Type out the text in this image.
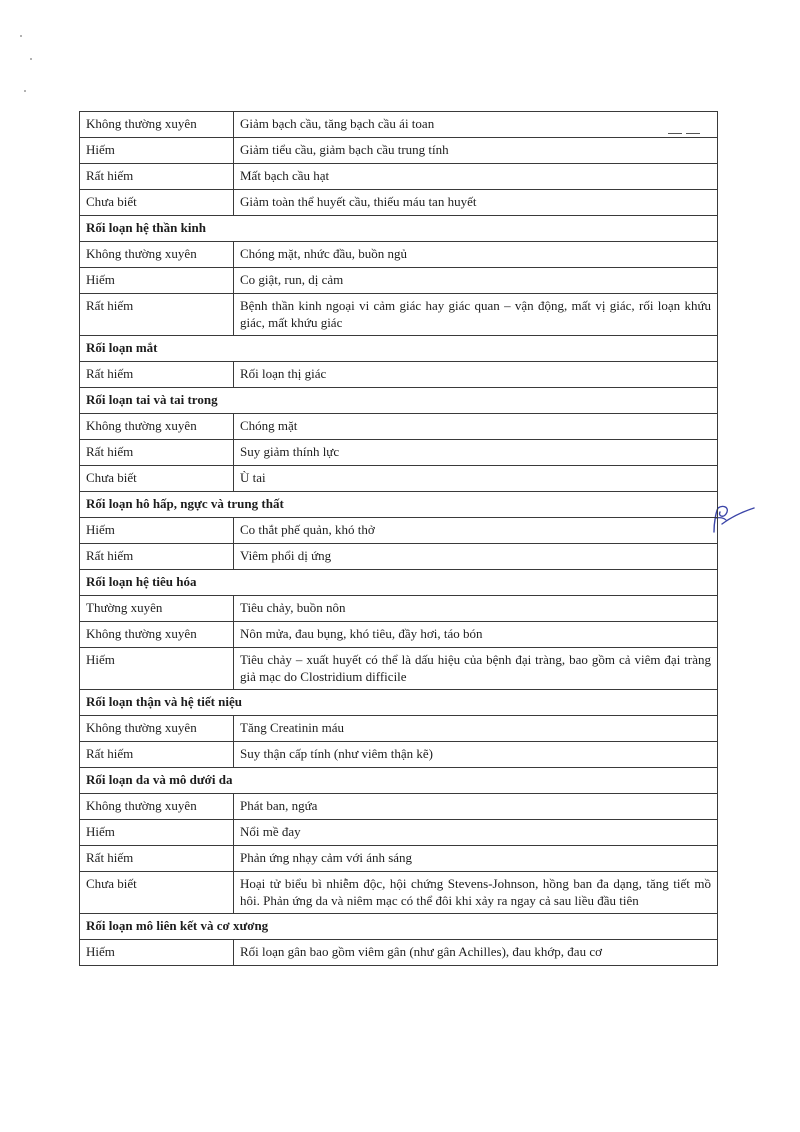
Không thường xuyên	Giảm bạch cầu, tăng bạch cầu ái toan
Hiếm	Giảm tiểu cầu, giảm bạch cầu trung tính
Rất hiếm	Mất bạch cầu hạt
Chưa biết	Giảm toàn thể huyết cầu, thiếu máu tan huyết
Rối loạn hệ thần kinh	
Không thường xuyên	Chóng mặt, nhức đầu, buồn ngủ
Hiếm	Co giật, run, dị cảm
Rất hiếm	Bệnh thần kinh ngoại vi cảm giác hay giác quan – vận động, mất vị giác, rối loạn khứu giác, mất khứu giác
Rối loạn mắt	
Rất hiếm	Rối loạn thị giác
Rối loạn tai và tai trong	
Không thường xuyên	Chóng mặt
Rất hiếm	Suy giảm thính lực
Chưa biết	Ù tai
Rối loạn hô hấp, ngực và trung thất	
Hiếm	Co thắt phế quản, khó thở
Rất hiếm	Viêm phổi dị ứng
Rối loạn hệ tiêu hóa	
Thường xuyên	Tiêu chảy, buồn nôn
Không thường xuyên	Nôn mửa, đau bụng, khó tiêu, đầy hơi, táo bón
Hiếm	Tiêu chảy – xuất huyết có thể là dấu hiệu của bệnh đại tràng, bao gồm cả viêm đại tràng giả mạc do Clostridium difficile
Rối loạn thận và hệ tiết niệu	
Không thường xuyên	Tăng Creatinin máu
Rất hiếm	Suy thận cấp tính (như viêm thận kẽ)
Rối loạn da và mô dưới da	
Không thường xuyên	Phát ban, ngứa
Hiếm	Nổi mề đay
Rất hiếm	Phản ứng nhạy cảm với ánh sáng
Chưa biết	Hoại tử biểu bì nhiễm độc, hội chứng Stevens-Johnson, hồng ban đa dạng, tăng tiết mồ hôi. Phản ứng da và niêm mạc có thể đôi khi xảy ra ngay cả sau liều đầu tiên
Rối loạn mô liên kết và cơ xương	
Hiếm	Rối loạn gân bao gồm viêm gân (như gân Achilles), đau khớp, đau cơ
